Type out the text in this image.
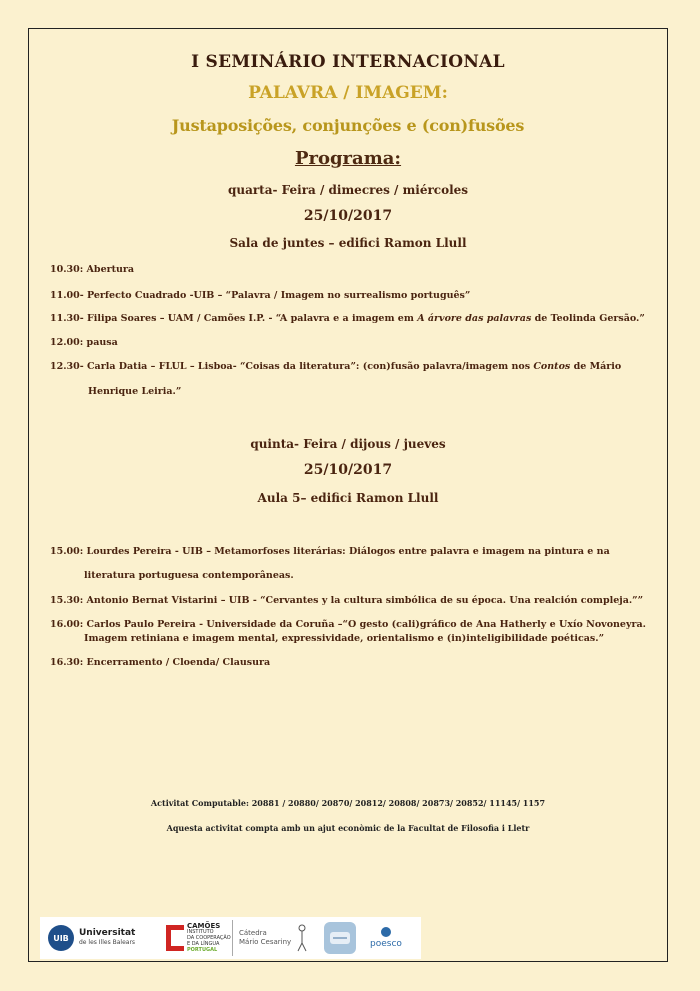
I SEMINÁRIO INTERNACIONAL
PALAVRA / IMAGEM:
Justaposições, conjunções e (con)fusões
Programa:
quarta- Feira / dimecres / miércoles
25/10/2017
Sala de juntes – edifici Ramon Llull
10.30: Abertura
11.00- Perfecto Cuadrado -UIB – “Palavra / Imagem no surrealismo português”
11.30- Filipa Soares – UAM / Camões I.P. - “A palavra e a imagem em A árvore das palavras de Teolinda Gersão.”
12.00: pausa
12.30- Carla Datia – FLUL – Lisboa- “Coisas da literatura”: (con)fusão palavra/imagem nos Contos de Mário
Henrique Leiria.”
quinta- Feira / dijous / jueves
25/10/2017
Aula 5– edifici Ramon Llull
15.00: Lourdes Pereira - UIB – Metamorfoses literárias: Diálogos entre palavra e imagem na pintura e na
literatura portuguesa contemporâneas.
15.30: Antonio Bernat Vistarini – UIB - “Cervantes y la cultura simbólica de su época. Una realción compleja.””
16.00: Carlos Paulo Pereira - Universidade da Coruña –“O gesto (cali)gráfico de Ana Hatherly e Uxío Novoneyra.
Imagem retiniana e imagem mental, expressividade, orientalismo e (in)inteligibilidade poéticas.”
16.30: Encerramento / Cloenda/ Clausura
Activitat Computable: 20881 / 20880/ 20870/ 20812/ 20808/ 20873/ 20852/ 11145/ 1157
Aquesta activitat compta amb un ajut econòmic de la Facultat de Filosofia i Lletr
UIB	Universitat
de les Illes Balears
CAMÕES
INSTITUTO
DA COOPERAÇÃO
E DA LÍNGUA
PORTUGAL
Cátedra
Mário Cesariny	poesco
